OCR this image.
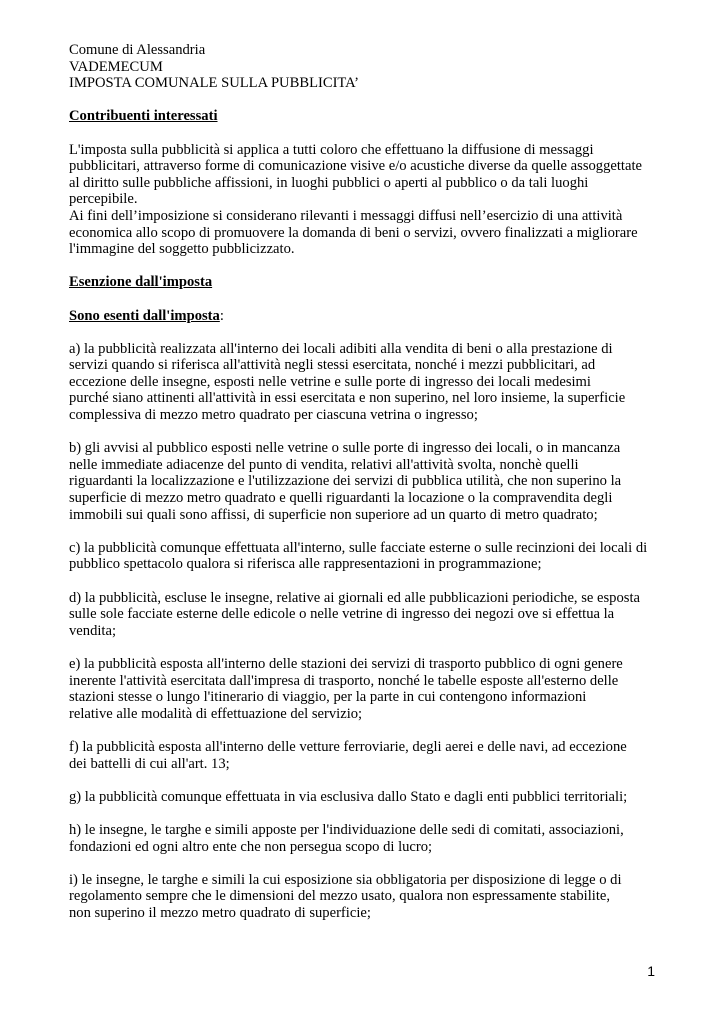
Comune di Alessandria
VADEMECUM
IMPOSTA COMUNALE SULLA PUBBLICITA’
Contribuenti interessati

L'imposta sulla pubblicità si applica a tutti coloro che effettuano la diffusione di messaggi

pubblicitari, attraverso forme di comunicazione visive e/o acustiche diverse da quelle assoggettate

al diritto sulle pubbliche affissioni, in luoghi pubblici o aperti al pubblico o da tali luoghi

percepibile.

Ai fini dell’imposizione si considerano rilevanti i messaggi diffusi nell’esercizio di una attività

economica allo scopo di promuovere la domanda di beni o servizi, ovvero finalizzati a migliorare

l'immagine del soggetto pubblicizzato.

Esenzione dall'imposta
Sono esenti dall'imposta:

a) la pubblicità realizzata all'interno dei locali adibiti alla vendita di beni o alla prestazione di

servizi quando si riferisca all'attività negli stessi esercitata, nonché i mezzi pubblicitari, ad

eccezione delle insegne, esposti nelle vetrine e sulle porte di ingresso dei locali medesimi

purché siano attinenti all'attività in essi esercitata e non superino, nel loro insieme, la superficie

complessiva di mezzo metro quadrato per ciascuna vetrina o ingresso;

b) gli avvisi al pubblico esposti nelle vetrine o sulle porte di ingresso dei locali, o in mancanza

nelle immediate adiacenze del punto di vendita, relativi all'attività svolta, nonchè quelli

riguardanti la localizzazione e l'utilizzazione dei servizi di pubblica utilità, che non superino la

superficie di mezzo metro quadrato e quelli riguardanti la locazione o la compravendita degli

immobili sui quali sono affissi, di superficie non superiore ad un quarto di metro quadrato;

c) la pubblicità comunque effettuata all'interno, sulle facciate esterne o sulle recinzioni dei locali di

pubblico spettacolo qualora si riferisca alle rappresentazioni in programmazione;

d) la pubblicità, escluse le insegne, relative ai giornali ed alle pubblicazioni periodiche, se esposta

sulle sole facciate esterne delle edicole o nelle vetrine di ingresso dei negozi ove si effettua la

vendita;

e) la pubblicità esposta all'interno delle stazioni dei servizi di trasporto pubblico di ogni genere

inerente l'attività esercitata dall'impresa di trasporto, nonché le tabelle esposte all'esterno delle

stazioni stesse o lungo l'itinerario di viaggio, per la parte in cui contengono informazioni

relative alle modalità di effettuazione del servizio;

f) la pubblicità esposta all'interno delle vetture ferroviarie, degli aerei e delle navi, ad eccezione

dei battelli di cui all'art. 13;

g) la pubblicità comunque effettuata in via esclusiva dallo Stato e dagli enti pubblici territoriali;

h) le insegne, le targhe e simili apposte per l'individuazione delle sedi di comitati, associazioni,

fondazioni ed ogni altro ente che non persegua scopo di lucro;

i) le insegne, le targhe e simili la cui esposizione sia obbligatoria per disposizione di legge o di

regolamento sempre che le dimensioni del mezzo usato, qualora non espressamente stabilite,

non superino il mezzo metro quadrato di superficie;

1
